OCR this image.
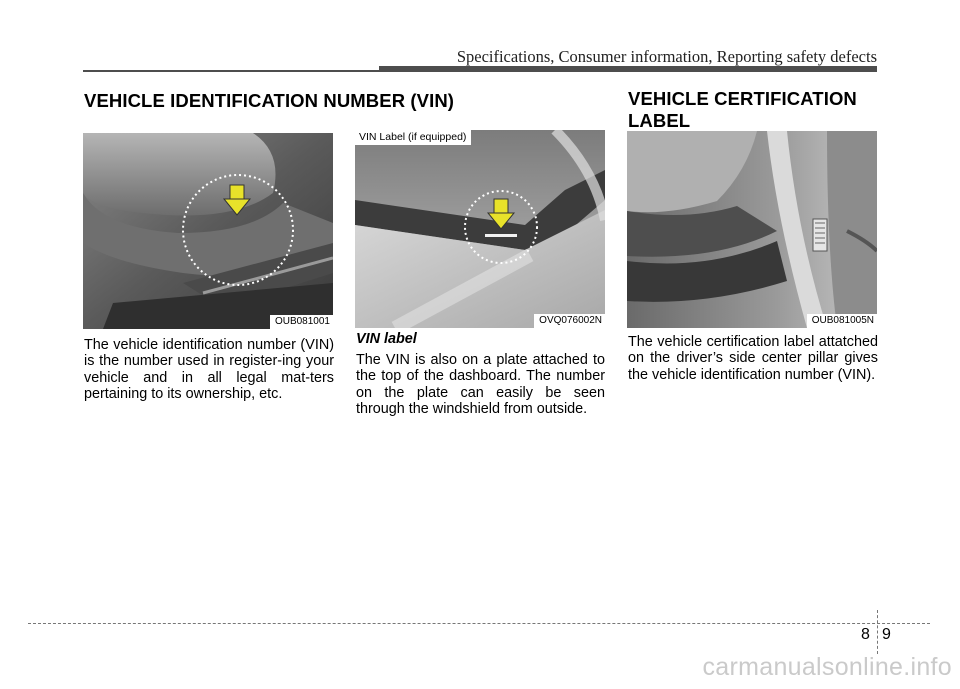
Specifications, Consumer information, Reporting safety defects
VEHICLE IDENTIFICATION NUMBER (VIN)	VEHICLE CERTIFICATION
LABEL
OUB081001
VIN Label (if equipped)
OVQ076002N	OUB081005N
The vehicle identification number (VIN) is the number used in register-ing your vehicle and in all legal mat-ters pertaining to its ownership, etc.
VIN label
The VIN is also on a plate attached to the top of the dashboard. The number on the plate can easily be seen through the windshield from outside.
The vehicle certification label attatched on the driver’s side center pillar gives the vehicle identification number (VIN).
8 9
carmanualsonline.info
